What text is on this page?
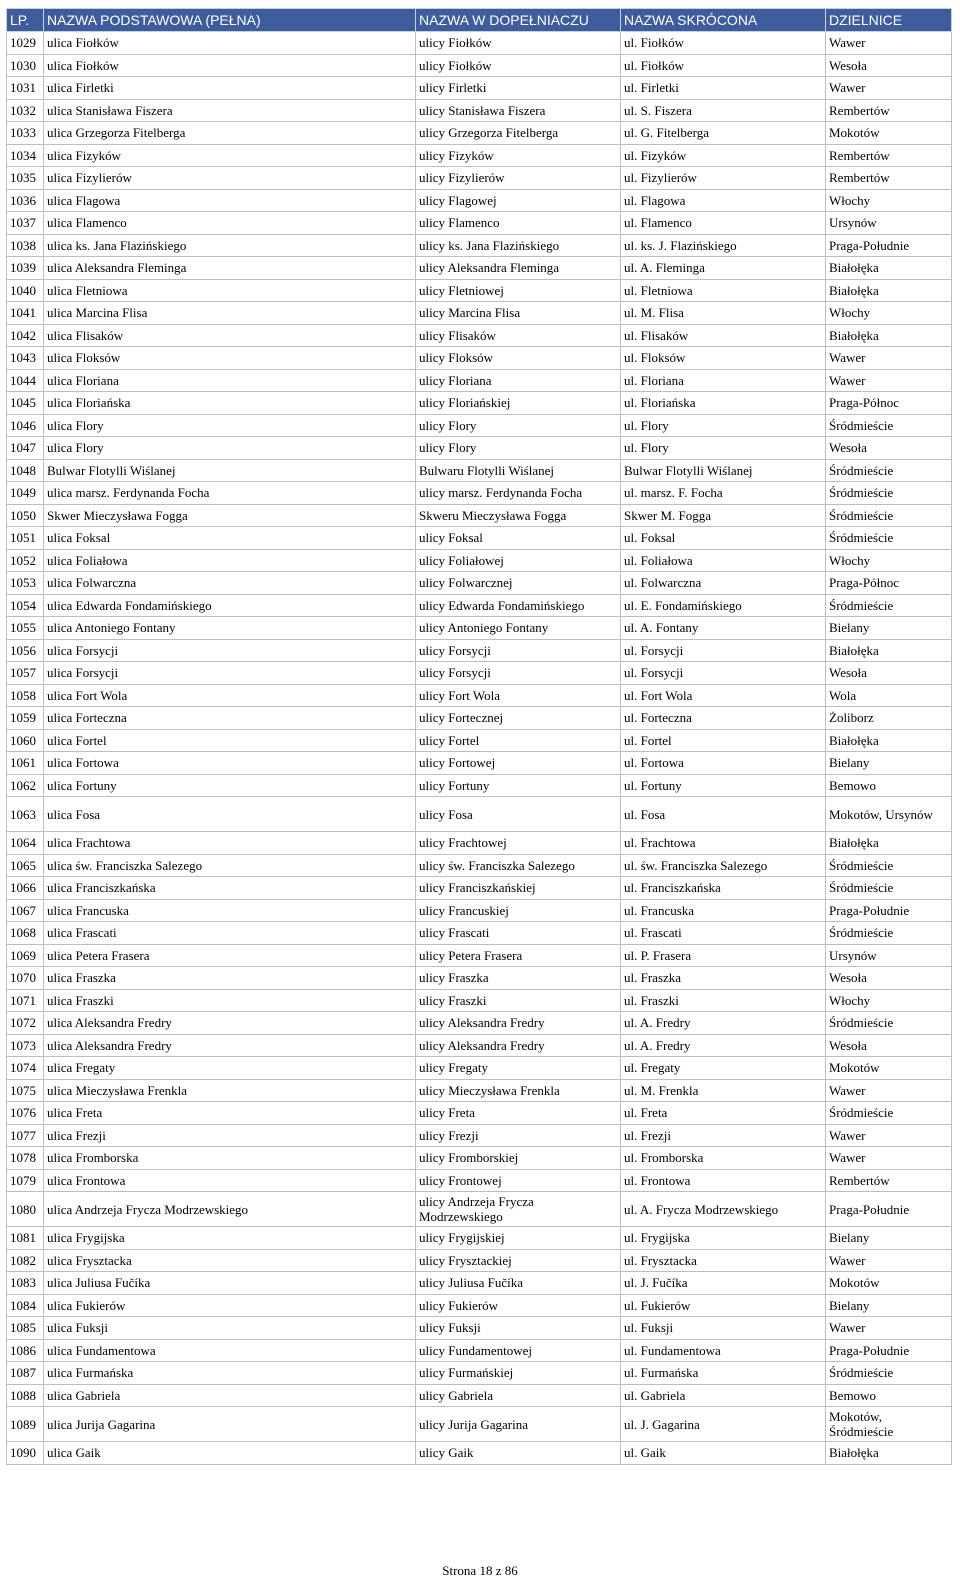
LP.	NAZWA PODSTAWOWA (PEŁNA)	NAZWA W DOPEŁNIACZU	NAZWA SKRÓCONA	DZIELNICE
1029	ulica Fiołków	ulicy Fiołków	ul. Fiołków	Wawer
1030	ulica Fiołków	ulicy Fiołków	ul. Fiołków	Wesoła
1031	ulica Firletki	ulicy Firletki	ul. Firletki	Wawer
1032	ulica Stanisława Fiszera	ulicy Stanisława Fiszera	ul. S. Fiszera	Rembertów
1033	ulica Grzegorza Fitelberga	ulicy Grzegorza Fitelberga	ul. G. Fitelberga	Mokotów
1034	ulica Fizyków	ulicy Fizyków	ul. Fizyków	Rembertów
1035	ulica Fizylierów	ulicy Fizylierów	ul. Fizylierów	Rembertów
1036	ulica Flagowa	ulicy Flagowej	ul. Flagowa	Włochy
1037	ulica Flamenco	ulicy Flamenco	ul. Flamenco	Ursynów
1038	ulica ks. Jana Flazińskiego	ulicy ks. Jana Flazińskiego	ul. ks. J. Flazińskiego	Praga-Południe
1039	ulica Aleksandra Fleminga	ulicy Aleksandra Fleminga	ul. A. Fleminga	Białołęka
1040	ulica Fletniowa	ulicy Fletniowej	ul. Fletniowa	Białołęka
1041	ulica Marcina Flisa	ulicy Marcina Flisa	ul. M. Flisa	Włochy
1042	ulica Flisaków	ulicy Flisaków	ul. Flisaków	Białołęka
1043	ulica Floksów	ulicy Floksów	ul. Floksów	Wawer
1044	ulica Floriana	ulicy Floriana	ul. Floriana	Wawer
1045	ulica Floriańska	ulicy Floriańskiej	ul. Floriańska	Praga-Północ
1046	ulica Flory	ulicy Flory	ul. Flory	Śródmieście
1047	ulica Flory	ulicy Flory	ul. Flory	Wesoła
1048	Bulwar Flotylli Wiślanej	Bulwaru Flotylli Wiślanej	Bulwar Flotylli Wiślanej	Śródmieście
1049	ulica marsz. Ferdynanda Focha	ulicy marsz. Ferdynanda Focha	ul. marsz. F. Focha	Śródmieście
1050	Skwer Mieczysława Fogga	Skweru Mieczysława Fogga	Skwer M. Fogga	Śródmieście
1051	ulica Foksal	ulicy Foksal	ul. Foksal	Śródmieście
1052	ulica Foliałowa	ulicy Foliałowej	ul. Foliałowa	Włochy
1053	ulica Folwarczna	ulicy Folwarcznej	ul. Folwarczna	Praga-Północ
1054	ulica Edwarda Fondamińskiego	ulicy Edwarda Fondamińskiego	ul. E. Fondamińskiego	Śródmieście
1055	ulica Antoniego Fontany	ulicy Antoniego Fontany	ul. A. Fontany	Bielany
1056	ulica Forsycji	ulicy Forsycji	ul. Forsycji	Białołęka
1057	ulica Forsycji	ulicy Forsycji	ul. Forsycji	Wesoła
1058	ulica Fort Wola	ulicy Fort Wola	ul. Fort Wola	Wola
1059	ulica Forteczna	ulicy Fortecznej	ul. Forteczna	Żoliborz
1060	ulica Fortel	ulicy Fortel	ul. Fortel	Białołęka
1061	ulica Fortowa	ulicy Fortowej	ul. Fortowa	Bielany
1062	ulica Fortuny	ulicy Fortuny	ul. Fortuny	Bemowo
1063	ulica Fosa	ulicy Fosa	ul. Fosa	Mokotów, Ursynów
1064	ulica Frachtowa	ulicy Frachtowej	ul. Frachtowa	Białołęka
1065	ulica św. Franciszka Salezego	ulicy św. Franciszka Salezego	ul. św. Franciszka Salezego	Śródmieście
1066	ulica Franciszkańska	ulicy Franciszkańskiej	ul. Franciszkańska	Śródmieście
1067	ulica Francuska	ulicy Francuskiej	ul. Francuska	Praga-Południe
1068	ulica Frascati	ulicy Frascati	ul. Frascati	Śródmieście
1069	ulica Petera Frasera	ulicy Petera Frasera	ul. P. Frasera	Ursynów
1070	ulica Fraszka	ulicy Fraszka	ul. Fraszka	Wesoła
1071	ulica Fraszki	ulicy Fraszki	ul. Fraszki	Włochy
1072	ulica Aleksandra Fredry	ulicy Aleksandra Fredry	ul. A. Fredry	Śródmieście
1073	ulica Aleksandra Fredry	ulicy Aleksandra Fredry	ul. A. Fredry	Wesoła
1074	ulica Fregaty	ulicy Fregaty	ul. Fregaty	Mokotów
1075	ulica Mieczysława Frenkla	ulicy Mieczysława Frenkla	ul. M. Frenkla	Wawer
1076	ulica Freta	ulicy Freta	ul. Freta	Śródmieście
1077	ulica Frezji	ulicy Frezji	ul. Frezji	Wawer
1078	ulica Fromborska	ulicy Fromborskiej	ul. Fromborska	Wawer
1079	ulica Frontowa	ulicy Frontowej	ul. Frontowa	Rembertów
1080	ulica Andrzeja Frycza Modrzewskiego	ulicy Andrzeja Frycza Modrzewskiego	ul. A. Frycza Modrzewskiego	Praga-Południe
1081	ulica Frygijska	ulicy Frygijskiej	ul. Frygijska	Bielany
1082	ulica Frysztacka	ulicy Frysztackiej	ul. Frysztacka	Wawer
1083	ulica Juliusa Fučíka	ulicy Juliusa Fučíka	ul. J. Fučíka	Mokotów
1084	ulica Fukierów	ulicy Fukierów	ul. Fukierów	Bielany
1085	ulica Fuksji	ulicy Fuksji	ul. Fuksji	Wawer
1086	ulica Fundamentowa	ulicy Fundamentowej	ul. Fundamentowa	Praga-Południe
1087	ulica Furmańska	ulicy Furmańskiej	ul. Furmańska	Śródmieście
1088	ulica Gabriela	ulicy Gabriela	ul. Gabriela	Bemowo
1089	ulica Jurija Gagarina	ulicy Jurija Gagarina	ul. J. Gagarina	Mokotów, Śródmieście
1090	ulica Gaik	ulicy Gaik	ul. Gaik	Białołęka
Strona 18 z 86
